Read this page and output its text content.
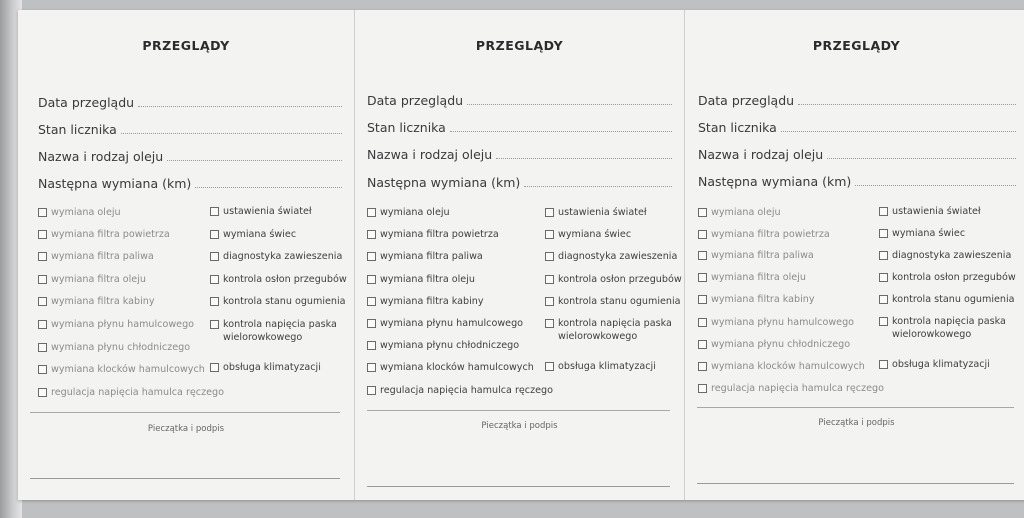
PRZEGLĄDY
Data przeglądu
Stan licznika
Nazwa i rodzaj oleju
Następna wymiana (km)
wymiana oleju
wymiana filtra powietrza
wymiana filtra paliwa
wymiana filtra oleju
wymiana filtra kabiny
wymiana płynu hamulcowego
wymiana płynu chłodniczego
wymiana klocków hamulcowych
regulacja napięcia hamulca ręczego
ustawienia świateł
wymiana świec
diagnostyka zawieszenia
kontrola osłon przegubów
kontrola stanu ogumienia
kontrola napięcia paska wielorowkowego
obsługa klimatyzacji
Pieczątka i podpis
PRZEGLĄDY
Data przeglądu
Stan licznika
Nazwa i rodzaj oleju
Następna wymiana (km)
wymiana oleju
wymiana filtra powietrza
wymiana filtra paliwa
wymiana filtra oleju
wymiana filtra kabiny
wymiana płynu hamulcowego
wymiana płynu chłodniczego
wymiana klocków hamulcowych
regulacja napięcia hamulca ręczego
ustawienia świateł
wymiana świec
diagnostyka zawieszenia
kontrola osłon przegubów
kontrola stanu ogumienia
kontrola napięcia paska wielorowkowego
obsługa klimatyzacji
Pieczątka i podpis
PRZEGLĄDY
Data przeglądu
Stan licznika
Nazwa i rodzaj oleju
Następna wymiana (km)
wymiana oleju
wymiana filtra powietrza
wymiana filtra paliwa
wymiana filtra oleju
wymiana filtra kabiny
wymiana płynu hamulcowego
wymiana płynu chłodniczego
wymiana klocków hamulcowych
regulacja napięcia hamulca ręczego
ustawienia świateł
wymiana świec
diagnostyka zawieszenia
kontrola osłon przegubów
kontrola stanu ogumienia
kontrola napięcia paska wielorowkowego
obsługa klimatyzacji
Pieczątka i podpis
